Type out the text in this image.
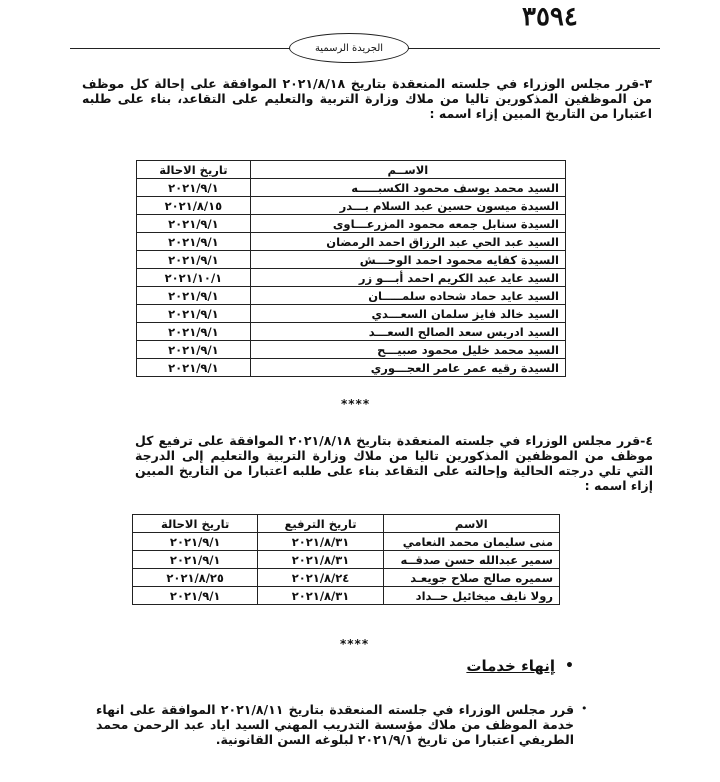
٣٥٩٤
الجريدة الرسمية
٣-قرر مجلس الوزراء في جلسته المنعقدة بتاريخ ٢٠٢١/٨/١٨ الموافقة على إحالة كل موظف من الموظفين المذكورين تاليا من ملاك وزارة التربية والتعليم على التقاعد، بناء على طلبه اعتبارا من التاريخ المبين إزاء اسمه :
الاســم	تاريخ الاحالة
السيد محمد يوسف محمود الكسبـــــه	٢٠٢١/٩/١
السيدة ميسون حسين عبد السلام بـــدر	٢٠٢١/٨/١٥
السيدة سنابل جمعه محمود المزرعـــاوى	٢٠٢١/٩/١
السيد عبد الحي عبد الرزاق احمد الرمضان	٢٠٢١/٩/١
السيدة كفايه محمود احمد الوحـــش	٢٠٢١/٩/١
السيد عايد عبد الكريم احمد أبـــو زر	٢٠٢١/١٠/١
السيد عايد حماد شحاده سلمـــــان	٢٠٢١/٩/١
السيد خالد فايز سلمان السعـــدي	٢٠٢١/٩/١
السيد ادريس سعد الصالح السعـــد	٢٠٢١/٩/١
السيد محمد خليل محمود صبيـــح	٢٠٢١/٩/١
السيدة رقيه عمر عامر العجـــوري	٢٠٢١/٩/١
****
٤-قرر مجلس الوزراء في جلسته المنعقدة بتاريخ ٢٠٢١/٨/١٨ الموافقة على ترفيع كل موظف من الموظفين المذكورين تاليا من ملاك وزارة التربية والتعليم إلى الدرجة التي تلي درجته الحالية وإحالته على التقاعد بناء على طلبه اعتبارا من التاريخ المبين إزاء اسمه :
الاسم	تاريخ الترفيع	تاريخ الاحالة
منى سليمان محمد النعامي	٢٠٢١/٨/٣١	٢٠٢١/٩/١
سمير عبدالله حسن صدقــه	٢٠٢١/٨/٣١	٢٠٢١/٩/١
سميره صالح صلاح جويعـد	٢٠٢١/٨/٢٤	٢٠٢١/٨/٢٥
رولا نايف ميخائيل حــداد	٢٠٢١/٨/٣١	٢٠٢١/٩/١
****
•
إنهاء خدمات
•
قرر مجلس الوزراء في جلسته المنعقدة بتاريخ ٢٠٢١/٨/١١ الموافقة على انهاء خدمة الموظف من ملاك مؤسسة التدريب المهني السيد اياد عبد الرحمن محمد الطريفي اعتبارا من تاريخ ٢٠٢١/٩/١ لبلوغه السن القانونية.
